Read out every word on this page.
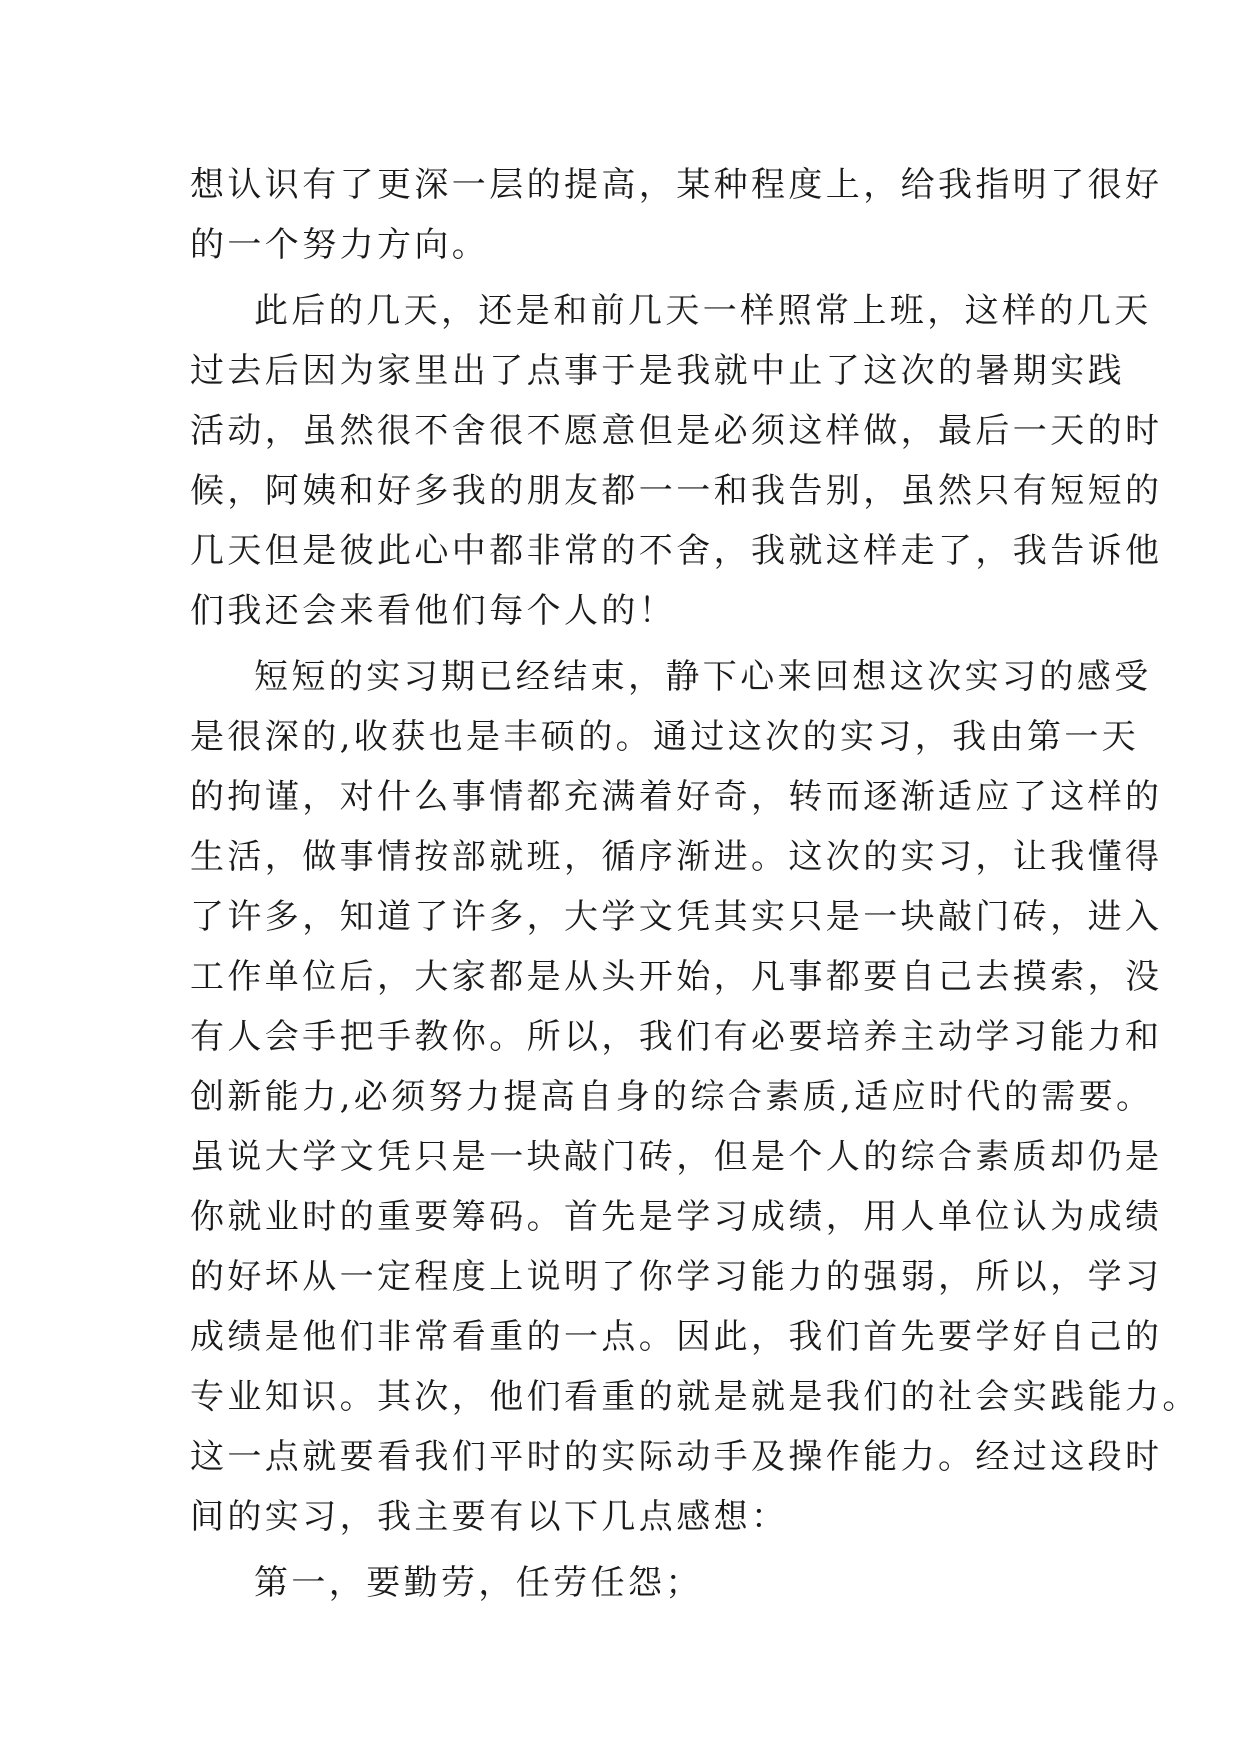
想认识有了更深一层的提高，某种程度上，给我指明了很好
的一个努力方向。
此后的几天，还是和前几天一样照常上班，这样的几天
过去后因为家里出了点事于是我就中止了这次的暑期实践
活动，虽然很不舍很不愿意但是必须这样做，最后一天的时
候，阿姨和好多我的朋友都一一和我告别，虽然只有短短的
几天但是彼此心中都非常的不舍，我就这样走了，我告诉他
们我还会来看他们每个人的！
短短的实习期已经结束，静下心来回想这次实习的感受
是很深的,收获也是丰硕的。通过这次的实习，我由第一天
的拘谨，对什么事情都充满着好奇，转而逐渐适应了这样的
生活，做事情按部就班，循序渐进。这次的实习，让我懂得
了许多，知道了许多，大学文凭其实只是一块敲门砖，进入
工作单位后，大家都是从头开始，凡事都要自己去摸索，没
有人会手把手教你。所以，我们有必要培养主动学习能力和
创新能力,必须努力提高自身的综合素质,适应时代的需要。
虽说大学文凭只是一块敲门砖，但是个人的综合素质却仍是
你就业时的重要筹码。首先是学习成绩，用人单位认为成绩
的好坏从一定程度上说明了你学习能力的强弱，所以，学习
成绩是他们非常看重的一点。因此，我们首先要学好自己的
专业知识。其次，他们看重的就是就是我们的社会实践能力。
这一点就要看我们平时的实际动手及操作能力。经过这段时
间的实习，我主要有以下几点感想：
第一，要勤劳，任劳任怨；
